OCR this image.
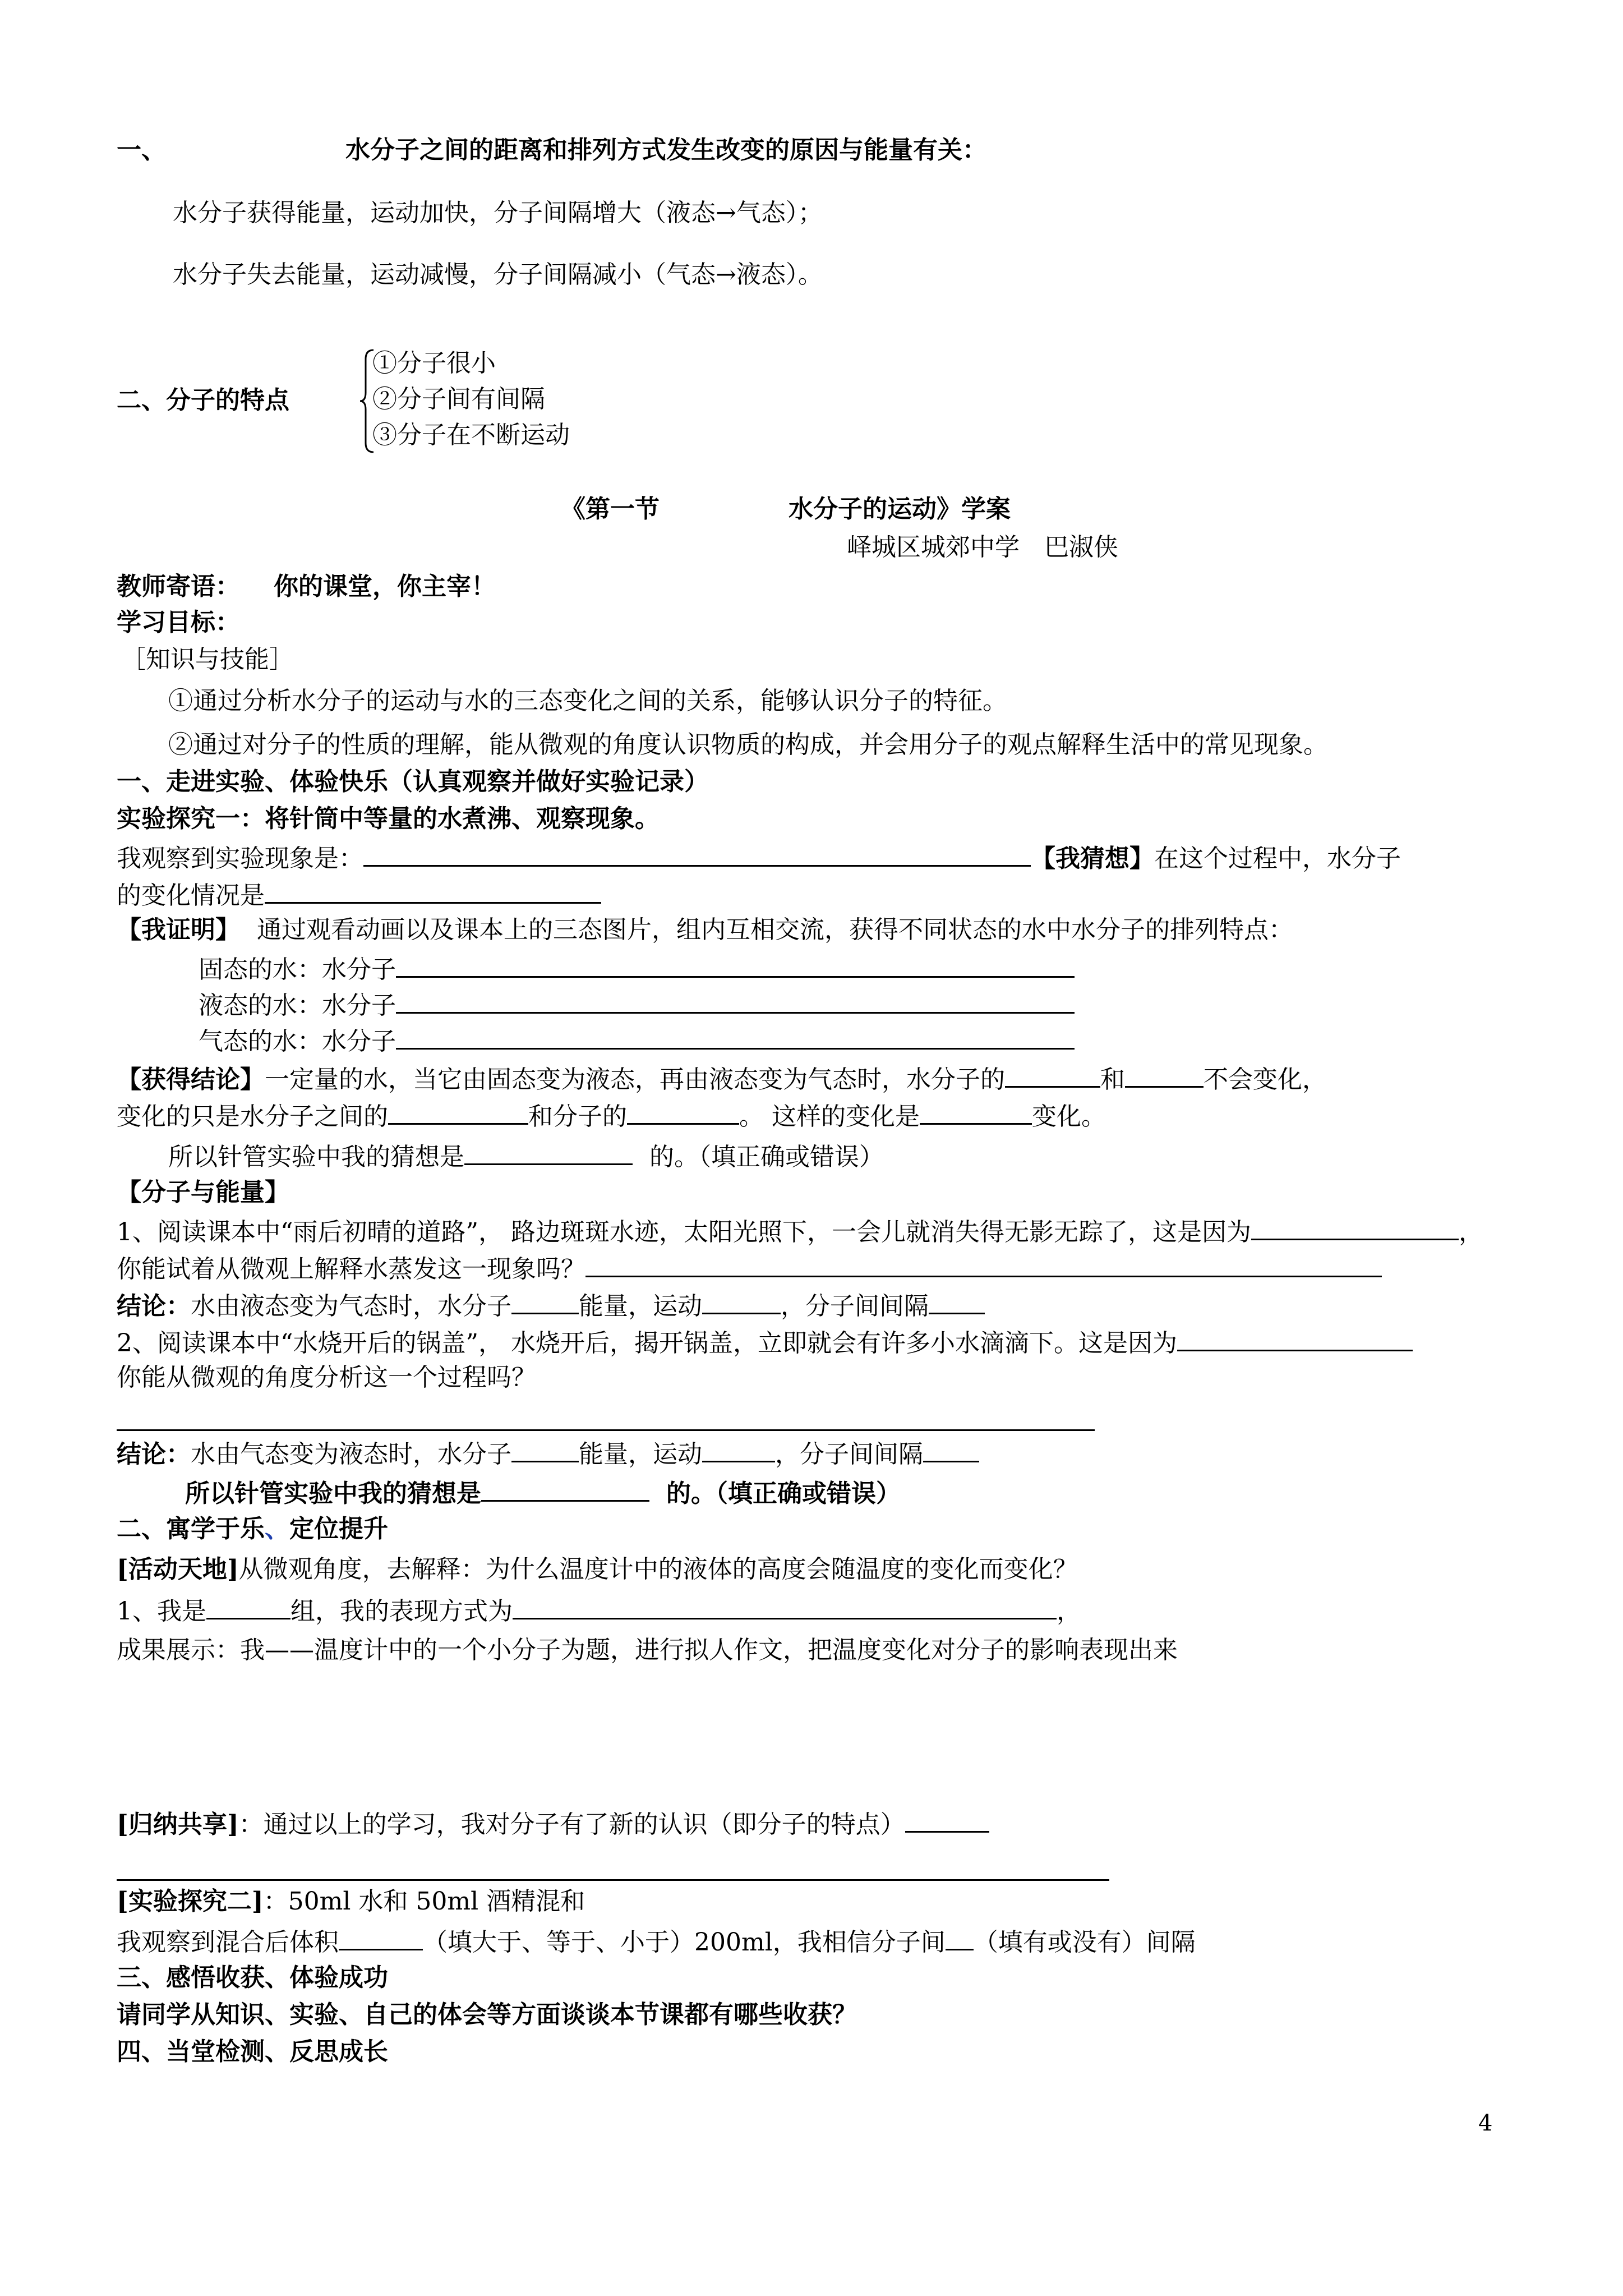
一、	水分子之间的距离和排列方式发生改变的原因与能量有关：
水分子获得能量，运动加快，分子间隔增大（液态→气态）；
水分子失去能量，运动减慢，分子间隔减小（气态→液态）。
二、分子的特点
①分子很小
②分子间有间隔
③分子在不断运动
《第一节	水分子的运动》学案
峄城区城郊中学　巴淑侠
教师寄语： 你的课堂，你主宰！
学习目标：
［知识与技能］
①通过分析水分子的运动与水的三态变化之间的关系，能够认识分子的特征。
②通过对分子的性质的理解，能从微观的角度认识物质的构成，并会用分子的观点解释生活中的常见现象。
一、走进实验、体验快乐（认真观察并做好实验记录）
实验探究一：将针筒中等量的水煮沸、观察现象。
我观察到实验现象是：	【我猜想】在这个过程中，水分子
的变化情况是
【我证明】 通过观看动画以及课本上的三态图片，组内互相交流，获得不同状态的水中水分子的排列特点：
固态的水：水分子
液态的水：水分子
气态的水：水分子
【获得结论】一定量的水，当它由固态变为液态，再由液态变为气态时，水分子的	和	不会变化，
变化的只是水分子之间的	和分子的	。 这样的变化是	变化。
所以针管实验中我的猜想是	的。（填正确或错误）
【分子与能量】
1、阅读课本中“雨后初晴的道路”， 路边斑斑水迹，太阳光照下，一会儿就消失得无影无踪了，这是因为	，
你能试着从微观上解释水蒸发这一现象吗？
结论：水由液态变为气态时，水分子	能量，运动	，分子间间隔
2、阅读课本中“水烧开后的锅盖”， 水烧开后，揭开锅盖，立即就会有许多小水滴滴下。这是因为
你能从微观的角度分析这一个过程吗？
结论：水由气态变为液态时，水分子	能量，运动	，分子间间隔
所以针管实验中我的猜想是	的。（填正确或错误）
二、寓学于乐、定位提升
[活动天地]从微观角度，去解释：为什么温度计中的液体的高度会随温度的变化而变化？
1、我是	组，我的表现方式为	，
成果展示：我——温度计中的一个小分子为题，进行拟人作文，把温度变化对分子的影响表现出来
[归纳共享]：通过以上的学习，我对分子有了新的认识（即分子的特点）
[实验探究二]：50ml 水和 50ml 酒精混和
我观察到混合后体积	（填大于、等于、小于）200ml，我相信分子间 （填有或没有）间隔
三、感悟收获、体验成功
请同学从知识、实验、自己的体会等方面谈谈本节课都有哪些收获？
四、当堂检测、反思成长
4
